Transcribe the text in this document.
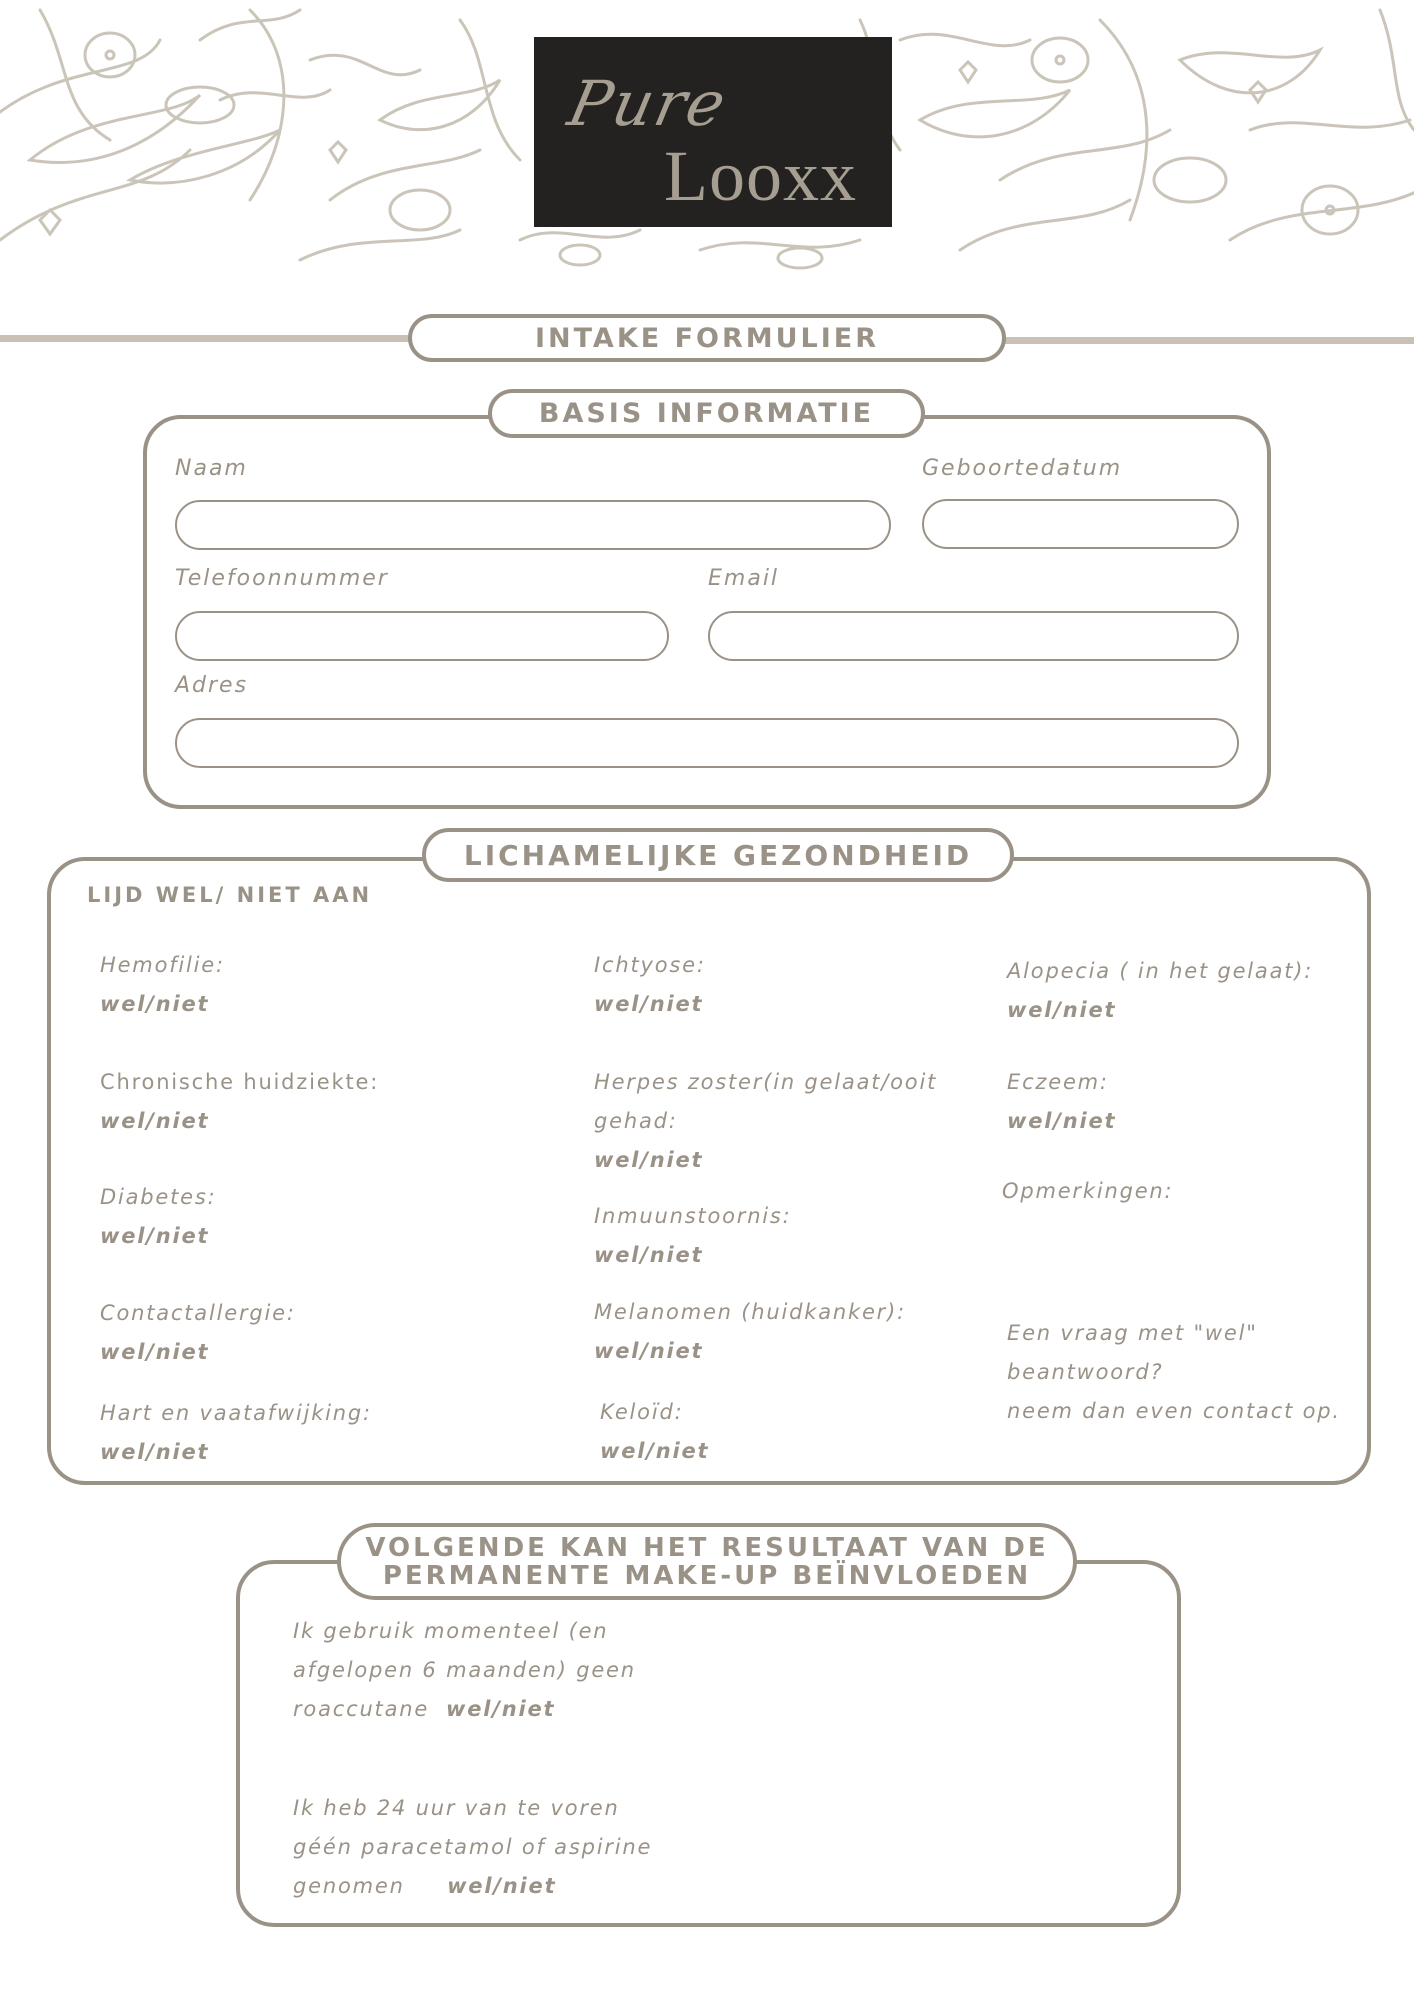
Pure
Looxx
INTAKE FORMULIER
BASIS INFORMATIE
Naam	Geboortedatum
Telefoonnummer	Email
Adres
LICHAMELIJKE GEZONDHEID
LIJD WEL/ NIET AAN
Hemofilie:
wel/niet
Chronische huidziekte:
wel/niet
Diabetes:
wel/niet
Contactallergie:
wel/niet
Hart en vaatafwijking:
wel/niet
Ichtyose:
wel/niet
Herpes zoster(in gelaat/ooit
gehad:
wel/niet
Inmuunstoornis:
wel/niet
Melanomen (huidkanker):
wel/niet
Keloïd:
wel/niet
Alopecia ( in het gelaat):
wel/niet
Eczeem:
wel/niet
Opmerkingen:
Een vraag met "wel"
beantwoord?
neem dan even contact op.
VOLGENDE KAN HET RESULTAAT VAN DE
PERMANENTE MAKE-UP BEÏNVLOEDEN
Ik gebruik momenteel (en
afgelopen 6 maanden) geen
roaccutane wel/niet
Ik heb 24 uur van te voren
géén paracetamol of aspirine
genomen wel/niet
